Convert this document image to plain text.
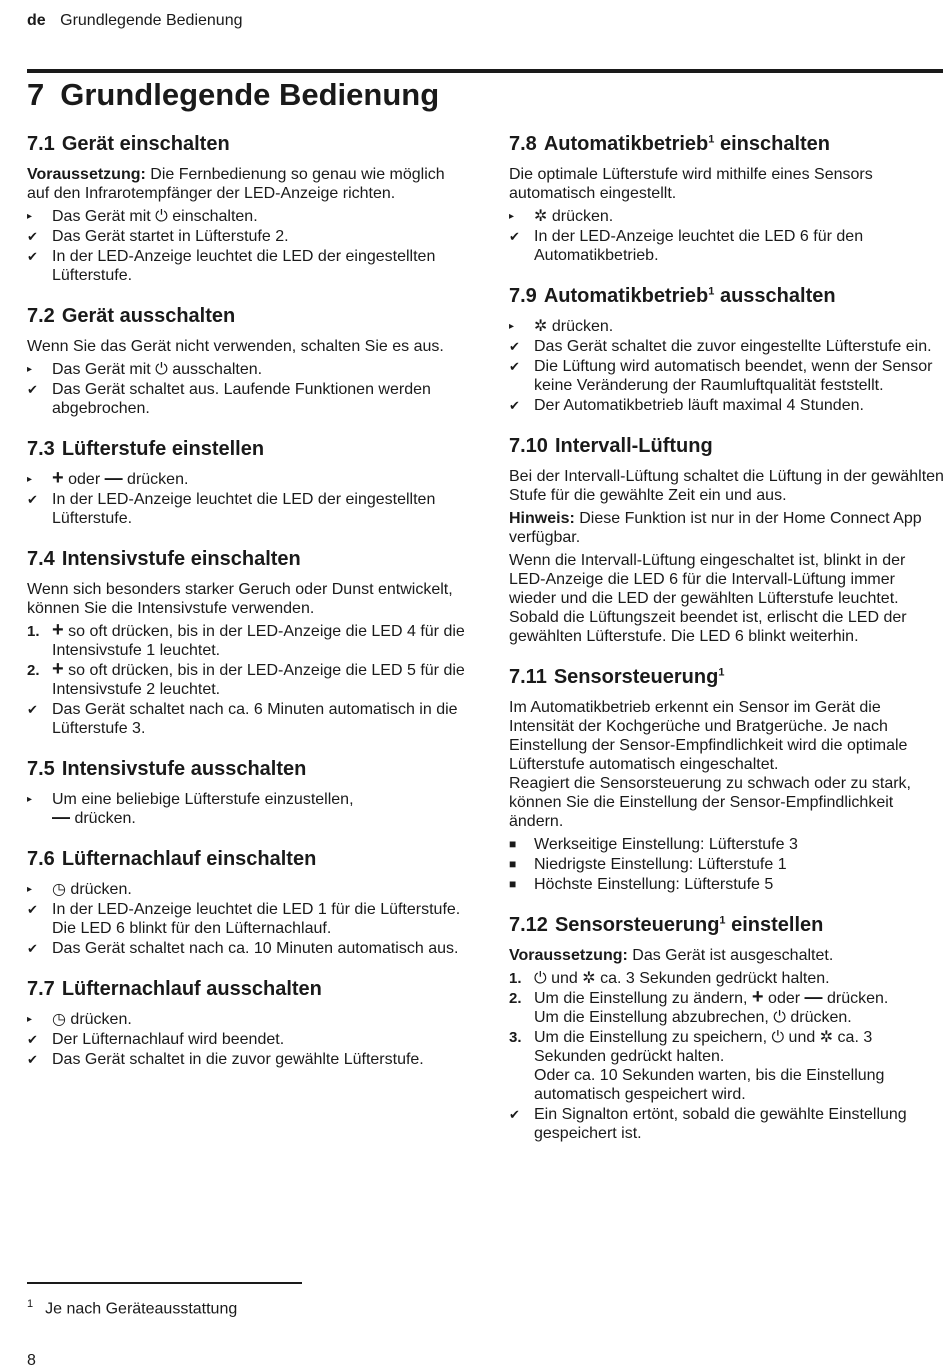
de Grundlegende Bedienung
7 Grundlegende Bedienung
7.1 Gerät einschalten

Voraussetzung: Die Fernbedienung so genau wie möglich auf den Infrarotempfänger der LED-Anzeige richten.

▸	Das Gerät mit ⏻ einschalten.
✔ Das Gerät startet in Lüfterstufe 2.
✔ In der LED-Anzeige leuchtet die LED der eingestellten Lüfterstufe.
7.2 Gerät ausschalten

Wenn Sie das Gerät nicht verwenden, schalten Sie es aus.

▸	Das Gerät mit ⏻ ausschalten.
✔ Das Gerät schaltet aus. Laufende Funktionen werden abgebrochen.
7.3 Lüfterstufe einstellen
▸ + oder — drücken.
✔ In der LED-Anzeige leuchtet die LED der eingestellten Lüfterstufe.
7.4 Intensivstufe einschalten

Wenn sich besonders starker Geruch oder Dunst entwickelt, können Sie die Intensivstufe verwenden.

1. + so oft drücken, bis in der LED-Anzeige die LED 4 für die Intensivstufe 1 leuchtet.
2. + so oft drücken, bis in der LED-Anzeige die LED 5 für die Intensivstufe 2 leuchtet.
✔ Das Gerät schaltet nach ca. 6 Minuten automatisch in die Lüfterstufe 3.
7.5 Intensivstufe ausschalten
▸	Um eine beliebige Lüfterstufe einzustellen,
— drücken.
7.6 Lüfternachlauf einschalten
▸	◷ drücken.
✔ In der LED-Anzeige leuchtet die LED 1 für die Lüfterstufe. Die LED 6 blinkt für den Lüfternachlauf.
✔ Das Gerät schaltet nach ca. 10 Minuten automatisch aus.
7.7 Lüfternachlauf ausschalten
▸	◷ drücken.
✔ Der Lüfternachlauf wird beendet.
✔ Das Gerät schaltet in die zuvor gewählte Lüfterstufe.
7.8 Automatikbetrieb$^1$ einschalten

Die optimale Lüfterstufe wird mithilfe eines Sensors automatisch eingestellt.

▸	✲ drücken.
✔ In der LED-Anzeige leuchtet die LED 6 für den Automatikbetrieb.
7.9 Automatikbetrieb$^1$ ausschalten
▸	✲ drücken.
✔ Das Gerät schaltet die zuvor eingestellte Lüfterstufe ein.
✔ Die Lüftung wird automatisch beendet, wenn der Sensor keine Veränderung der Raumluftqualität feststellt.
✔ Der Automatikbetrieb läuft maximal 4 Stunden.
7.10 Intervall-Lüftung

Bei der Intervall-Lüftung schaltet die Lüftung in der gewählten Stufe für die gewählte Zeit ein und aus.

Hinweis: Diese Funktion ist nur in der Home Connect App verfügbar.

Wenn die Intervall-Lüftung eingeschaltet ist, blinkt in der LED-Anzeige die LED 6 für die Intervall-Lüftung immer wieder und die LED der gewählten Lüfterstufe leuchtet. Sobald die Lüftungszeit beendet ist, erlischt die LED der gewählten Lüfterstufe. Die LED 6 blinkt weiterhin.

7.11 Sensorsteuerung$^1$

Im Automatikbetrieb erkennt ein Sensor im Gerät die Intensität der Kochgerüche und Bratgerüche. Je nach Einstellung der Sensor-Empfindlichkeit wird die optimale Lüfterstufe automatisch eingeschaltet.

Reagiert die Sensorsteuerung zu schwach oder zu stark, können Sie die Einstellung der Sensor-Empfindlichkeit ändern.

■	Werkseitige Einstellung: Lüfterstufe 3
■	Niedrigste Einstellung: Lüfterstufe 1
■	Höchste Einstellung: Lüfterstufe 5
7.12 Sensorsteuerung$^1$ einstellen

Voraussetzung: Das Gerät ist ausgeschaltet.

1. ⏻ und ✲ ca. 3 Sekunden gedrückt halten.
2. Um die Einstellung zu ändern, + oder — drücken.
Um die Einstellung abzubrechen, ⏻ drücken.
3. Um die Einstellung zu speichern, ⏻ und ✲ ca. 3 Sekunden gedrückt halten.
Oder ca. 10 Sekunden warten, bis die Einstellung automatisch gespeichert wird.
✔ Ein Signalton ertönt, sobald die gewählte Einstellung gespeichert ist.
$^1$ Je nach Geräteausstattung
8
